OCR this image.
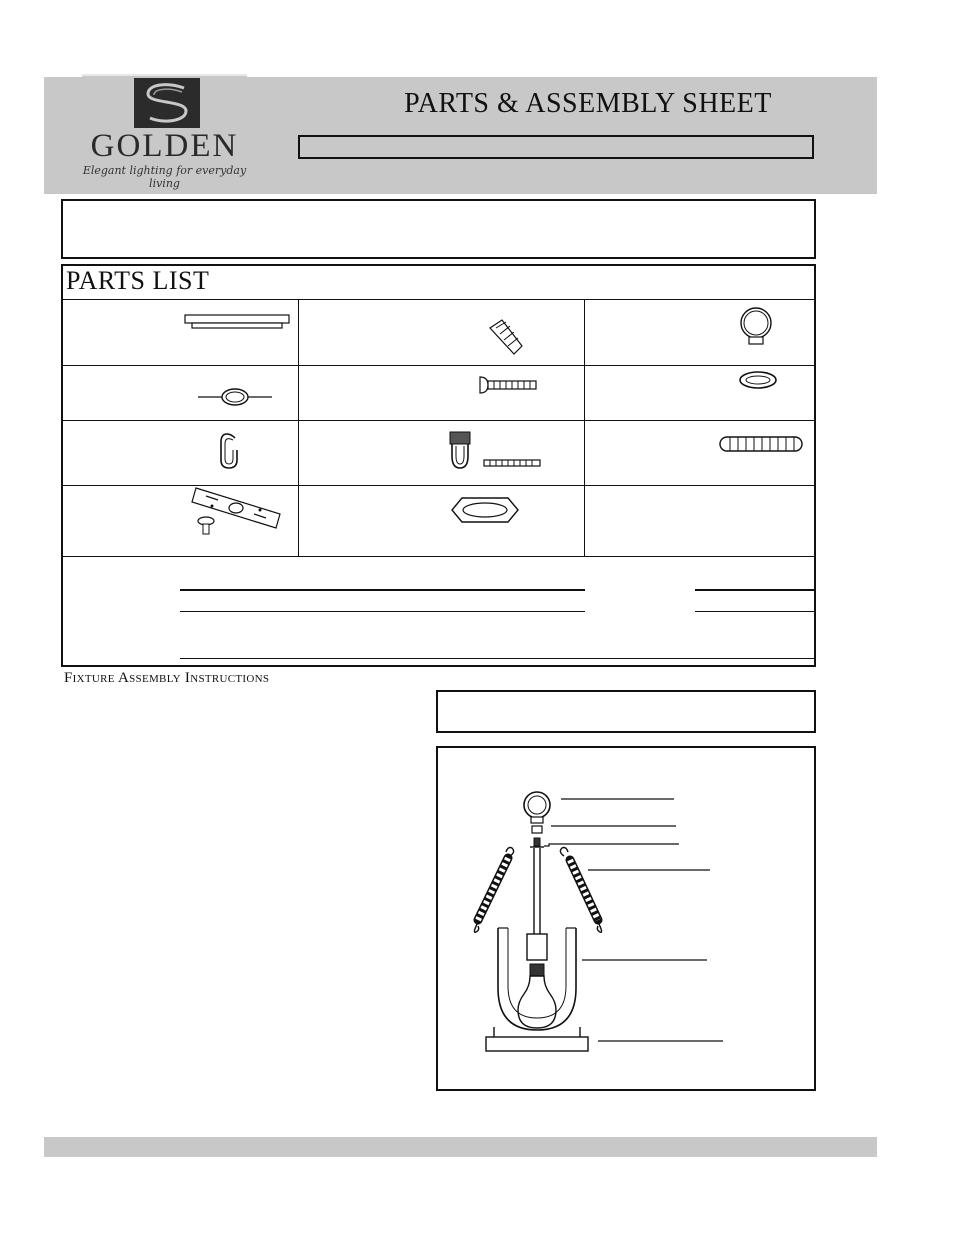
GOLDEN
Elegant lighting for everyday living
PARTS & ASSEMBLY SHEET
PARTS LIST
Fixture Assembly Instructions
